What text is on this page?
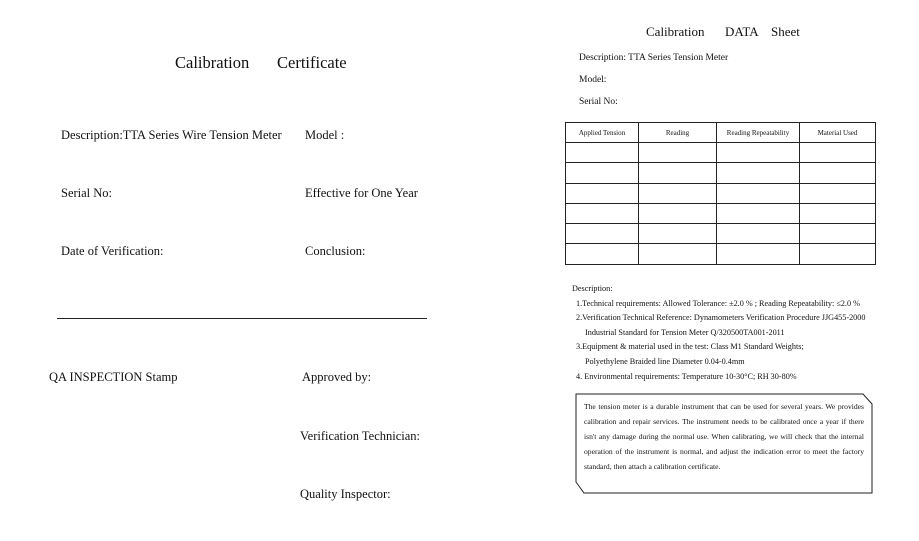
Calibration Certificate
Description:TTA Series Wire Tension Meter Model :
Serial No:	Effective for One Year
Date of Verification:	Conclusion:
QA INSPECTION Stamp	Approved by:
Verification Technician:
Quality Inspector:
Calibration DATA Sheet
Description: TTA Series Tension Meter
Model:
Serial No:
Applied Tension	Reading	Reading Repeatability	Material Used

Description:
1.Technical requirements: Allowed Tolerance: ±2.0 % ; Reading Repeatability: ≤2.0 %
2.Verification Technical Reference: Dynamometers Verification Procedure JJG455-2000
Industrial Standard for Tension Meter Q/320500TA001-2011
3.Equipment & material used in the test: Class M1 Standard Weights;
Polyethylene Braided line Diameter 0.04-0.4mm
4. Environmental requirements: Temperature 10-30°C; RH 30-80%
The tension meter is a durable instrument that can be used for several years. We provides calibration and repair services. The instrument needs to be calibrated once a year if there isn't any damage during the normal use. When calibrating, we will check that the internal operation of the instrument is normal, and adjust the indication error to meet the factory standard, then attach a calibration certificate.
